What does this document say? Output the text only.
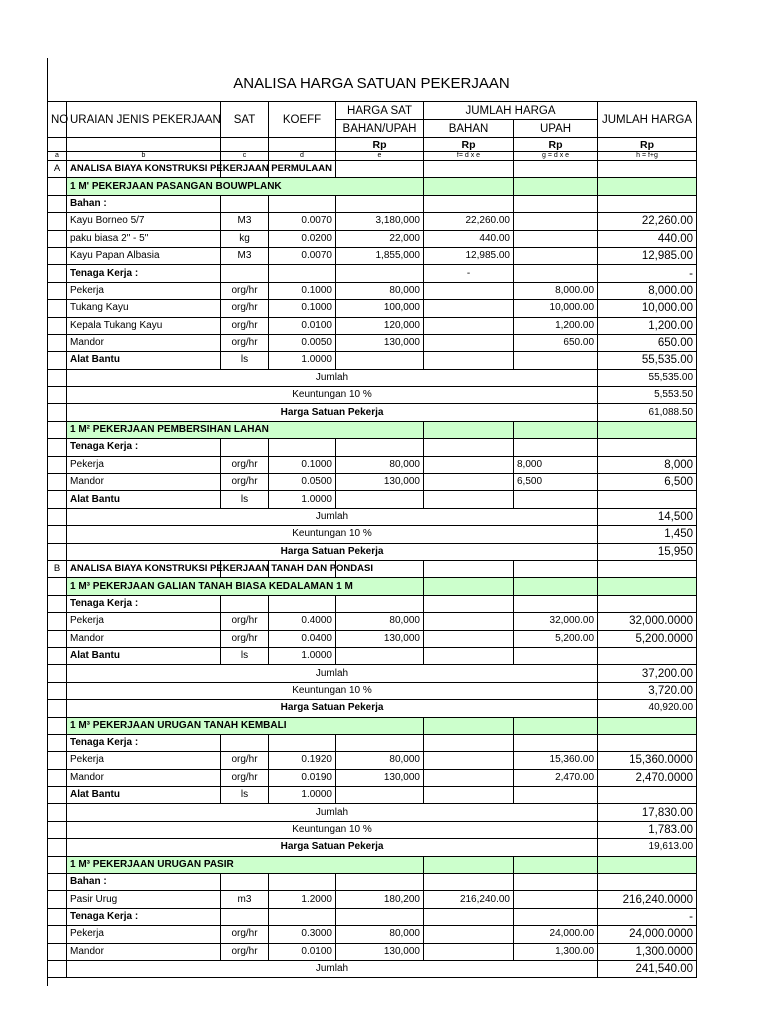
ANALISA HARGA SATUAN PEKERJAAN
NO	URAIAN JENIS PEKERJAAN	SAT	KOEFF	HARGA SAT	JUMLAH HARGA		JUMLAH HARGA
				BAHAN/UPAH	BAHAN	UPAH	
				Rp	Rp	Rp	Rp
a	b	c	d	e	f= d x e	g = d x e	h = f+g
A	ANALISA BIAYA KONSTRUKSI PEKERJAAN PERMULAAN						
	1 M' PEKERJAAN PASANGAN BOUWPLANK						
	Bahan :						
	Kayu Borneo 5/7	M3	0.0070	3,180,000	22,260.00		22,260.00
	paku biasa 2" - 5"	kg	0.0200	22,000	440.00		440.00
	Kayu Papan Albasia	M3	0.0070	1,855,000	12,985.00		12,985.00
	Tenaga Kerja :				-		-
	Pekerja	org/hr	0.1000	80,000		8,000.00	8,000.00
	Tukang Kayu	org/hr	0.1000	100,000		10,000.00	10,000.00
	Kepala Tukang Kayu	org/hr	0.0100	120,000		1,200.00	1,200.00
	Mandor	org/hr	0.0050	130,000		650.00	650.00
	Alat Bantu	ls	1.0000				55,535.00
	Jumlah						55,535.00
	Keuntungan 10 %						5,553.50
	Harga Satuan Pekerja						61,088.50
	1 M² PEKERJAAN PEMBERSIHAN LAHAN						
	Tenaga Kerja :						
	Pekerja	org/hr	0.1000	80,000		8,000	8,000
	Mandor	org/hr	0.0500	130,000		6,500	6,500
	Alat Bantu	ls	1.0000				
	Jumlah						14,500
	Keuntungan 10 %						1,450
	Harga Satuan Pekerja						15,950
B	ANALISA BIAYA KONSTRUKSI PEKERJAAN TANAH DAN PONDASI						
	1 M³ PEKERJAAN GALIAN TANAH BIASA KEDALAMAN 1 M						
	Tenaga Kerja :						
	Pekerja	org/hr	0.4000	80,000		32,000.00	32,000.0000
	Mandor	org/hr	0.0400	130,000		5,200.00	5,200.0000
	Alat Bantu	ls	1.0000				
	Jumlah						37,200.00
	Keuntungan 10 %						3,720.00
	Harga Satuan Pekerja						40,920.00
	1 M³ PEKERJAAN URUGAN TANAH KEMBALI						
	Tenaga Kerja :						
	Pekerja	org/hr	0.1920	80,000		15,360.00	15,360.0000
	Mandor	org/hr	0.0190	130,000		2,470.00	2,470.0000
	Alat Bantu	ls	1.0000				
	Jumlah						17,830.00
	Keuntungan 10 %						1,783.00
	Harga Satuan Pekerja						19,613.00
	1 M³ PEKERJAAN URUGAN PASIR						
	Bahan :						
	Pasir Urug	m3	1.2000	180,200	216,240.00		216,240.0000
	Tenaga Kerja :						-
	Pekerja	org/hr	0.3000	80,000		24,000.00	24,000.0000
	Mandor	org/hr	0.0100	130,000		1,300.00	1,300.0000
	Jumlah						241,540.00
